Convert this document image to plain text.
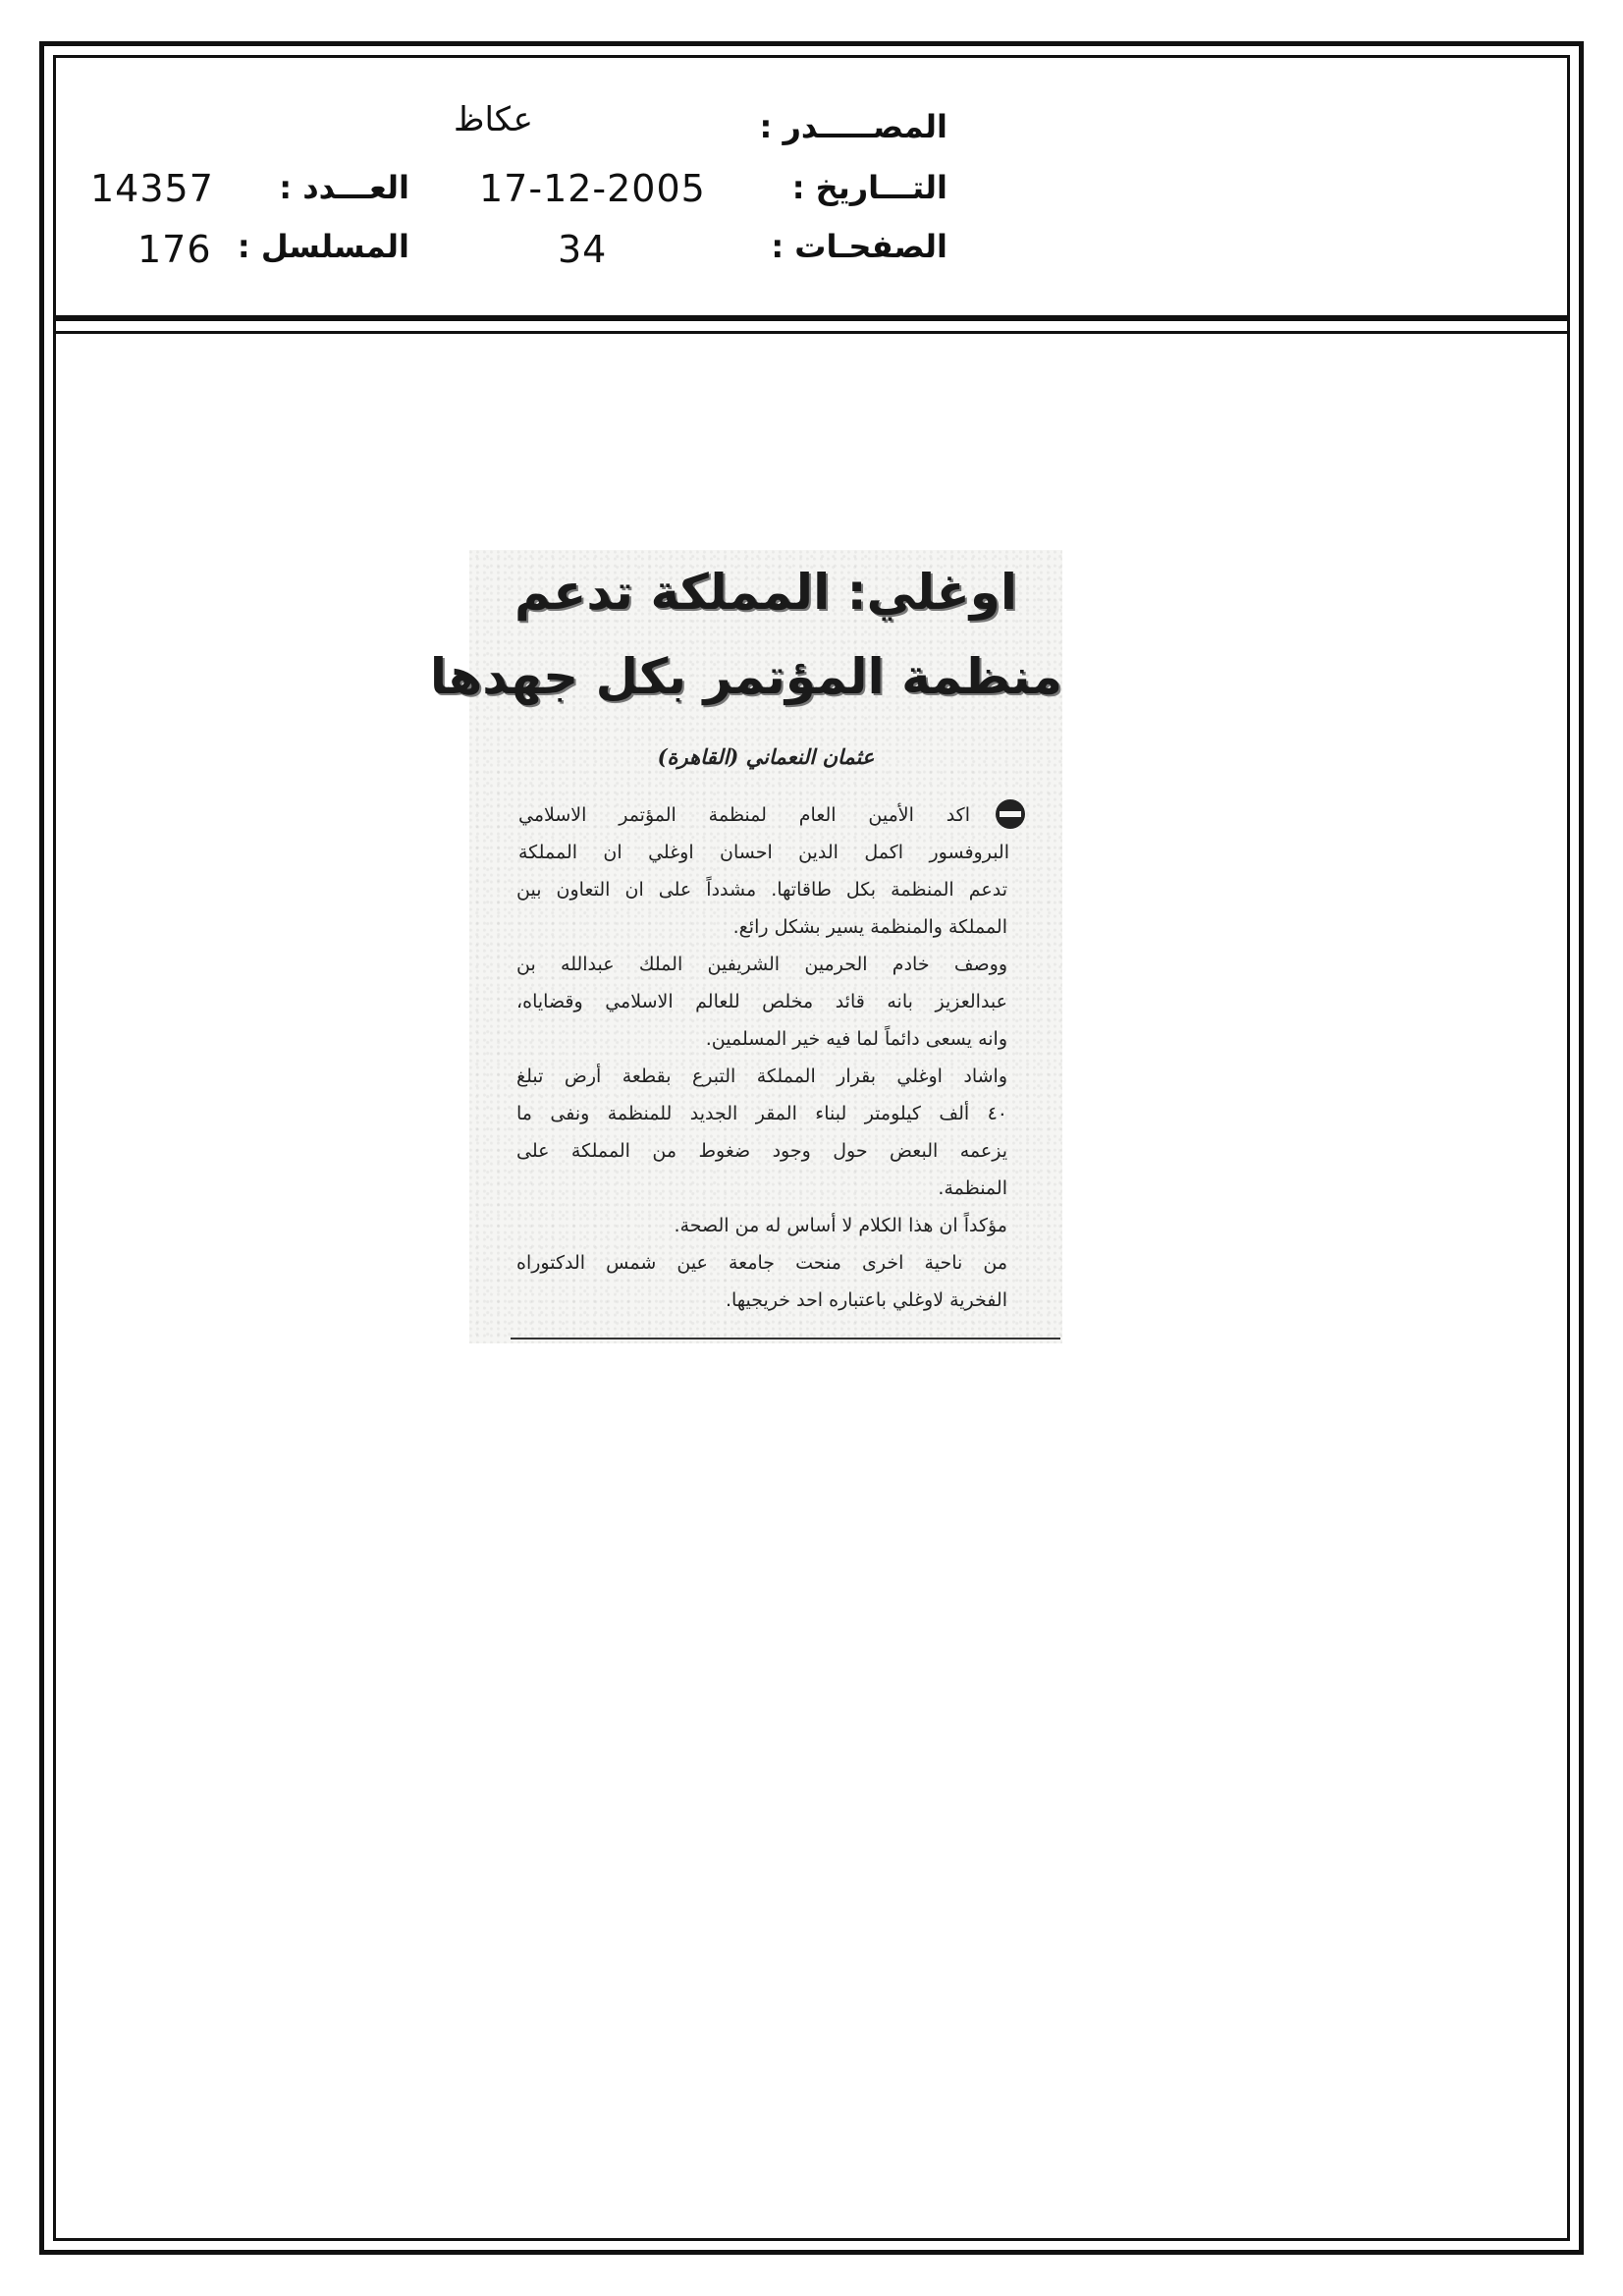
المصـــــدر :
عكاظ
التـــاريخ :
17-12-2005
الصفحـات :
34
العـــدد :
14357
المسلسل :
176
اوغلي: المملكة تدعم
منظمة المؤتمر بكل جهدها
عثمان النعماني (القاهرة)
اكد الأمين العام لمنظمة المؤتمر الاسلامي
البروفسور اكمل الدين احسان اوغلي ان المملكة
تدعم المنظمة بكل طاقاتها. مشدداً على ان التعاون بين
المملكة والمنظمة يسير بشكل رائع.
ووصف خادم الحرمين الشريفين الملك عبدالله بن
عبدالعزيز بانه قائد مخلص للعالم الاسلامي وقضاياه،
وانه يسعى دائماً لما فيه خير المسلمين.
واشاد اوغلي بقرار المملكة التبرع بقطعة أرض تبلغ
٤٠ ألف كيلومتر لبناء المقر الجديد للمنظمة ونفى ما
يزعمه البعض حول وجود ضغوط من المملكة على
المنظمة.
مؤكداً ان هذا الكلام لا أساس له من الصحة.
من ناحية اخرى منحت جامعة عين شمس الدكتوراه
الفخرية لاوغلي باعتباره احد خريجيها.
